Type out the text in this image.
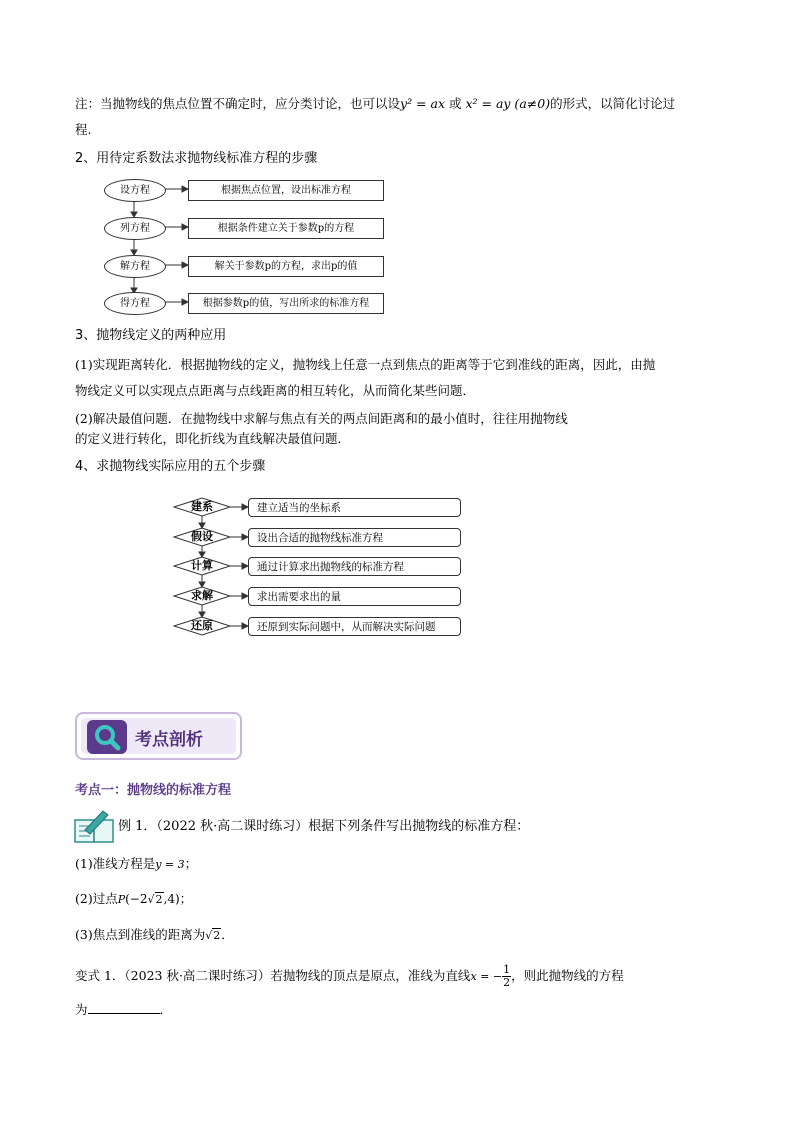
注：当抛物线的焦点位置不确定时，应分类讨论，也可以设y² = ax 或 x² = ay (a≠0)的形式，以简化讨论过
程.
2、用待定系数法求抛物线标准方程的步骤
设方程	根据焦点位置，设出标准方程
列方程	根据条件建立关于参数p的方程
解方程	解关于参数p的方程，求出p的值
得方程	根据参数p的值，写出所求的标准方程
3、抛物线定义的两种应用
(1)实现距离转化．根据抛物线的定义，抛物线上任意一点到焦点的距离等于它到准线的距离，因此，由抛
物线定义可以实现点点距离与点线距离的相互转化，从而简化某些问题．
(2)解决最值问题．在抛物线中求解与焦点有关的两点间距离和的最小值时，往往用抛物线
的定义进行转化，即化折线为直线解决最值问题．
4、求抛物线实际应用的五个步骤
建系	建立适当的坐标系
假设	设出合适的抛物线标准方程
计算	通过计算求出抛物线的标准方程
求解	求出需要求出的量
还原	还原到实际问题中，从而解决实际问题
考点剖析
考点一：抛物线的标准方程
例 1．（2022 秋·高二课时练习）根据下列条件写出抛物线的标准方程：
(1)准线方程是y = 3；
(2)过点P(−2√2,4)；
(3)焦点到准线的距离为√2．
变式 1．（2023 秋·高二课时练习）若抛物线的顶点是原点，准线为直线x = − $\frac{1}{2}$ ，则此抛物线的方程
为	．
